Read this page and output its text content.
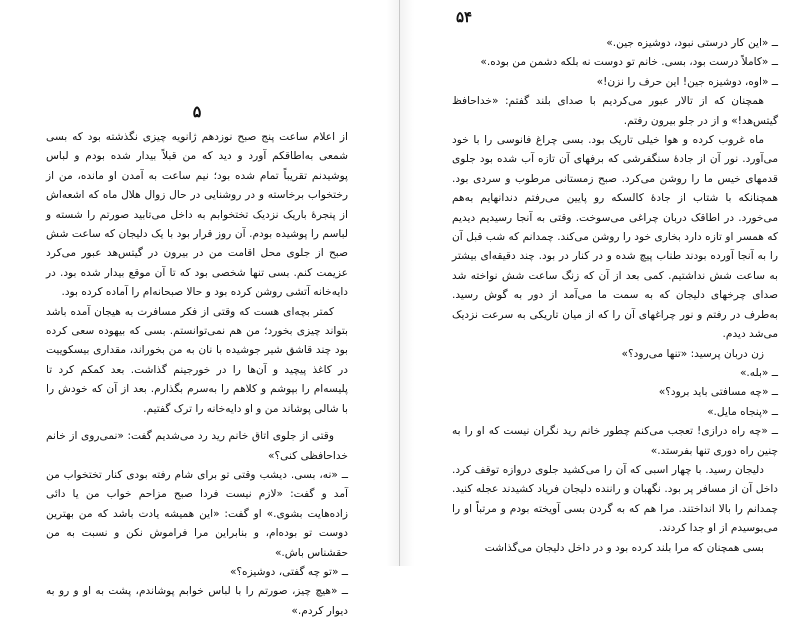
۵

از اعلام ساعت پنج صبح نوزدهم ژانویه چیزی نگذشته بود که بسی شمعی به‌اطاقکم آورد و دید که من قبلاً بیدار شده بودم و لباس پوشیدنم تقریباً تمام شده بود؛ نیم ساعت به آمدن او مانده، من از رختخواب برخاسته و در روشنایی در حال زوال هلال ماه که اشعه‌اش از پنجرهٔ باریک نزدیک تختخوابم به داخل می‌تابید صورتم را شسته و لباسم را پوشیده بودم. آن روز قرار بود با یک دلیجان که ساعت شش صبح از جلوی محل اقامت من در بیرون در گیتس‌هد عبور می‌کرد عزیمت کنم. بسی تنها شخصی بود که تا آن موقع بیدار شده بود. در دایه‌خانه آتشی روشن کرده بود و حالا صبحانه‌ام را آماده کرده بود.

کمتر بچه‌ای هست که وقتی از فکر مسافرت به هیجان آمده باشد بتواند چیزی بخورد؛ من هم نمی‌توانستم. بسی که بیهوده سعی کرده بود چند قاشق شیر جوشیده با نان به من بخوراند، مقداری بیسکوییت در کاغذ پیچید و آن‌ها را در خورجینم گذاشت. بعد کمکم کرد تا پلیسه‌ام را بپوشم و کلاهم را به‌سرم بگذارم. بعد از آن که خودش را با شالی پوشاند من و او دایه‌خانه را ترک گفتیم.

وقتی از جلوی اتاق خانم رید رد می‌شدیم گفت: «نمی‌روی از خانم خداحافظی کنی؟»

ــ «نه، بسی. دیشب وقتی تو برای شام رفته بودی کنار تختخواب من آمد و گفت: «لازم نیست فردا صبح مزاحم خواب من یا دائی زاده‌هایت بشوی.» او گفت: «این همیشه یادت باشد که من بهترین دوست تو بوده‌ام، و بنابراین مرا فراموش نکن و نسبت به من حقشناس باش.»

ــ «تو چه گفتی، دوشیزه؟»

ــ «هیچ چیز، صورتم را با لباس خوابم پوشاندم، پشت به او و رو به دیوار کردم.»

۵۴

ــ «این کار درستی نبود، دوشیزه جین.»

ــ «کاملاً درست بود، بسی. خانم تو دوست نه بلکه دشمن من بوده.»

ــ «اوه، دوشیزه جین! این حرف را نزن!»

همچنان که از تالار عبور می‌کردیم با صدای بلند گفتم: «خداحافظ گیتس‌هد!» و از در جلو بیرون رفتم.

ماه غروب کرده و هوا خیلی تاریک بود. بسی چراغ فانوسی را با خود می‌آورد. نور آن از جادهٔ سنگفرشی که برفهای آن تازه آب شده بود جلوی قدمهای خیس ما را روشن می‌کرد. صبح زمستانی مرطوب و سردی بود. همچنانکه با شتاب از جادهٔ کالسکه رو پایین می‌رفتم دندانهایم به‌هم می‌خورد. در اطاقک دربان چراغی می‌سوخت. وقتی به آنجا رسیدیم دیدیم که همسر او تازه دارد بخاری خود را روشن می‌کند. چمدانم که شب قبل آن را به آنجا آورده بودند طناب پیچ شده و در کنار در بود. چند دقیقه‌ای بیشتر به ساعت شش نداشتیم. کمی بعد از آن که زنگ ساعت شش نواخته شد صدای چرخهای دلیجان که به سمت ما می‌آمد از دور به گوش رسید. به‌طرف در رفتم و نور چراغهای آن را که از میان تاریکی به سرعت نزدیک می‌شد دیدم.

زن دربان پرسید: «تنها می‌رود؟»

ــ «بله.»

ــ «چه مسافتی باید برود؟»

ــ «پنجاه مایل.»

ــ «چه راه درازی! تعجب می‌کنم چطور خانم رید نگران نیست که او را به چنین راه دوری تنها بفرستد.»

دلیجان رسید. با چهار اسبی که آن را می‌کشید جلوی دروازه توقف کرد. داخل آن از مسافر پر بود. نگهبان و راننده دلیجان فریاد کشیدند عجله کنید. چمدانم را بالا انداختند. مرا هم که به گردن بسی آویخته بودم و مرتباً او را می‌بوسیدم از او جدا کردند.

بسی همچنان که مرا بلند کرده بود و در داخل دلیجان می‌گذاشت
